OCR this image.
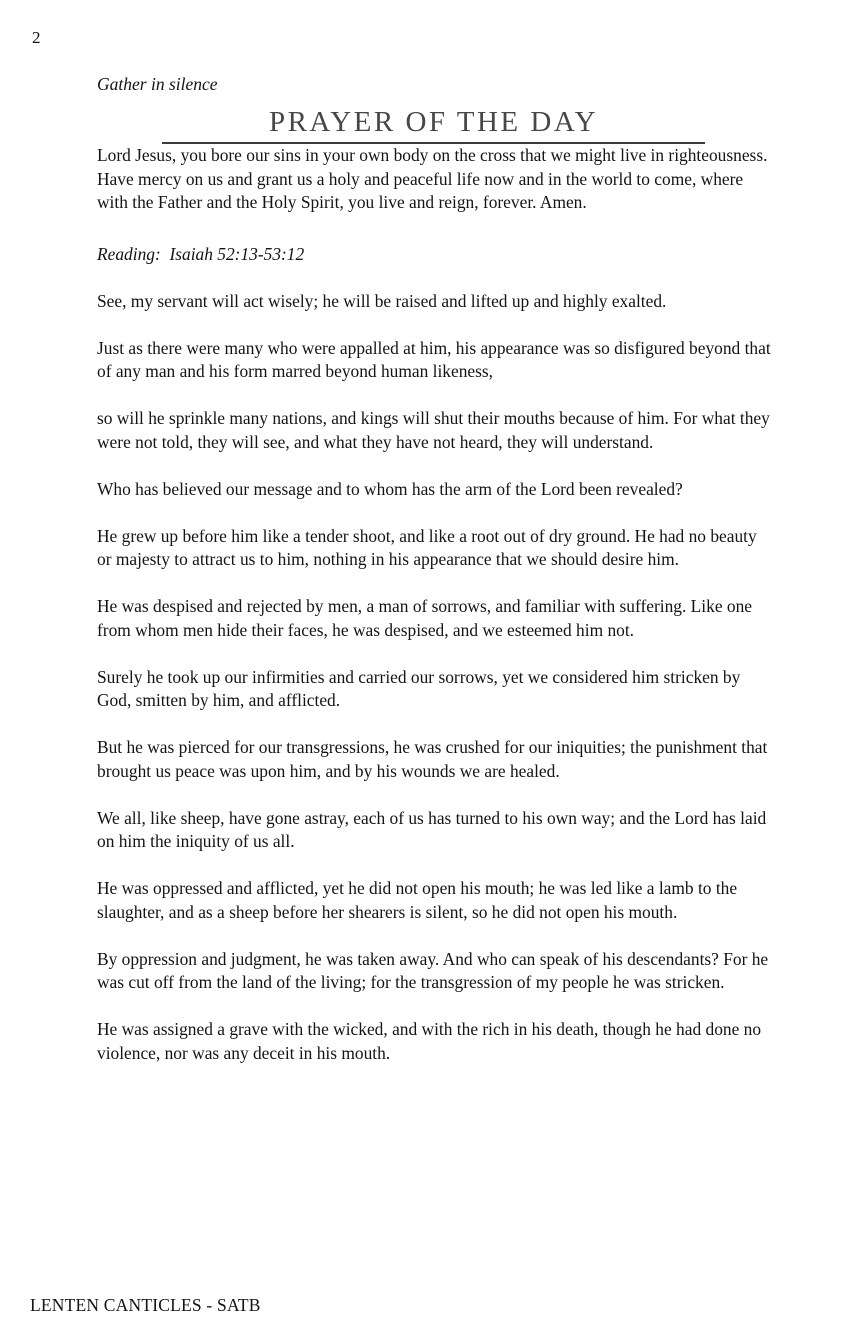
2
Gather in silence
PRAYER OF THE DAY

Lord Jesus, you bore our sins in your own body on the cross that we might live in righteousness. Have mercy on us and grant us a holy and peaceful life now and in the world to come, where with the Father and the Holy Spirit, you live and reign, forever. Amen.

Reading:  Isaiah 52:13-53:12

See, my servant will act wisely; he will be raised and lifted up and highly exalted.

Just as there were many who were appalled at him, his appearance was so disfigured beyond that of any man and his form marred beyond human likeness,

so will he sprinkle many nations, and kings will shut their mouths because of him. For what they were not told, they will see, and what they have not heard, they will understand.

Who has believed our message and to whom has the arm of the Lord been revealed?

He grew up before him like a tender shoot, and like a root out of dry ground. He had no beauty or majesty to attract us to him, nothing in his appearance that we should desire him.

He was despised and rejected by men, a man of sorrows, and familiar with suffering. Like one from whom men hide their faces, he was despised, and we esteemed him not.

Surely he took up our infirmities and carried our sorrows, yet we considered him stricken by God, smitten by him, and afflicted.

But he was pierced for our transgressions, he was crushed for our iniquities; the punishment that brought us peace was upon him, and by his wounds we are healed.

We all, like sheep, have gone astray, each of us has turned to his own way; and the Lord has laid on him the iniquity of us all.

He was oppressed and afflicted, yet he did not open his mouth; he was led like a lamb to the slaughter, and as a sheep before her shearers is silent, so he did not open his mouth.

By oppression and judgment, he was taken away. And who can speak of his descendants? For he was cut off from the land of the living; for the transgression of my people he was stricken.

He was assigned a grave with the wicked, and with the rich in his death, though he had done no violence, nor was any deceit in his mouth.

LENTEN CANTICLES - SATB
